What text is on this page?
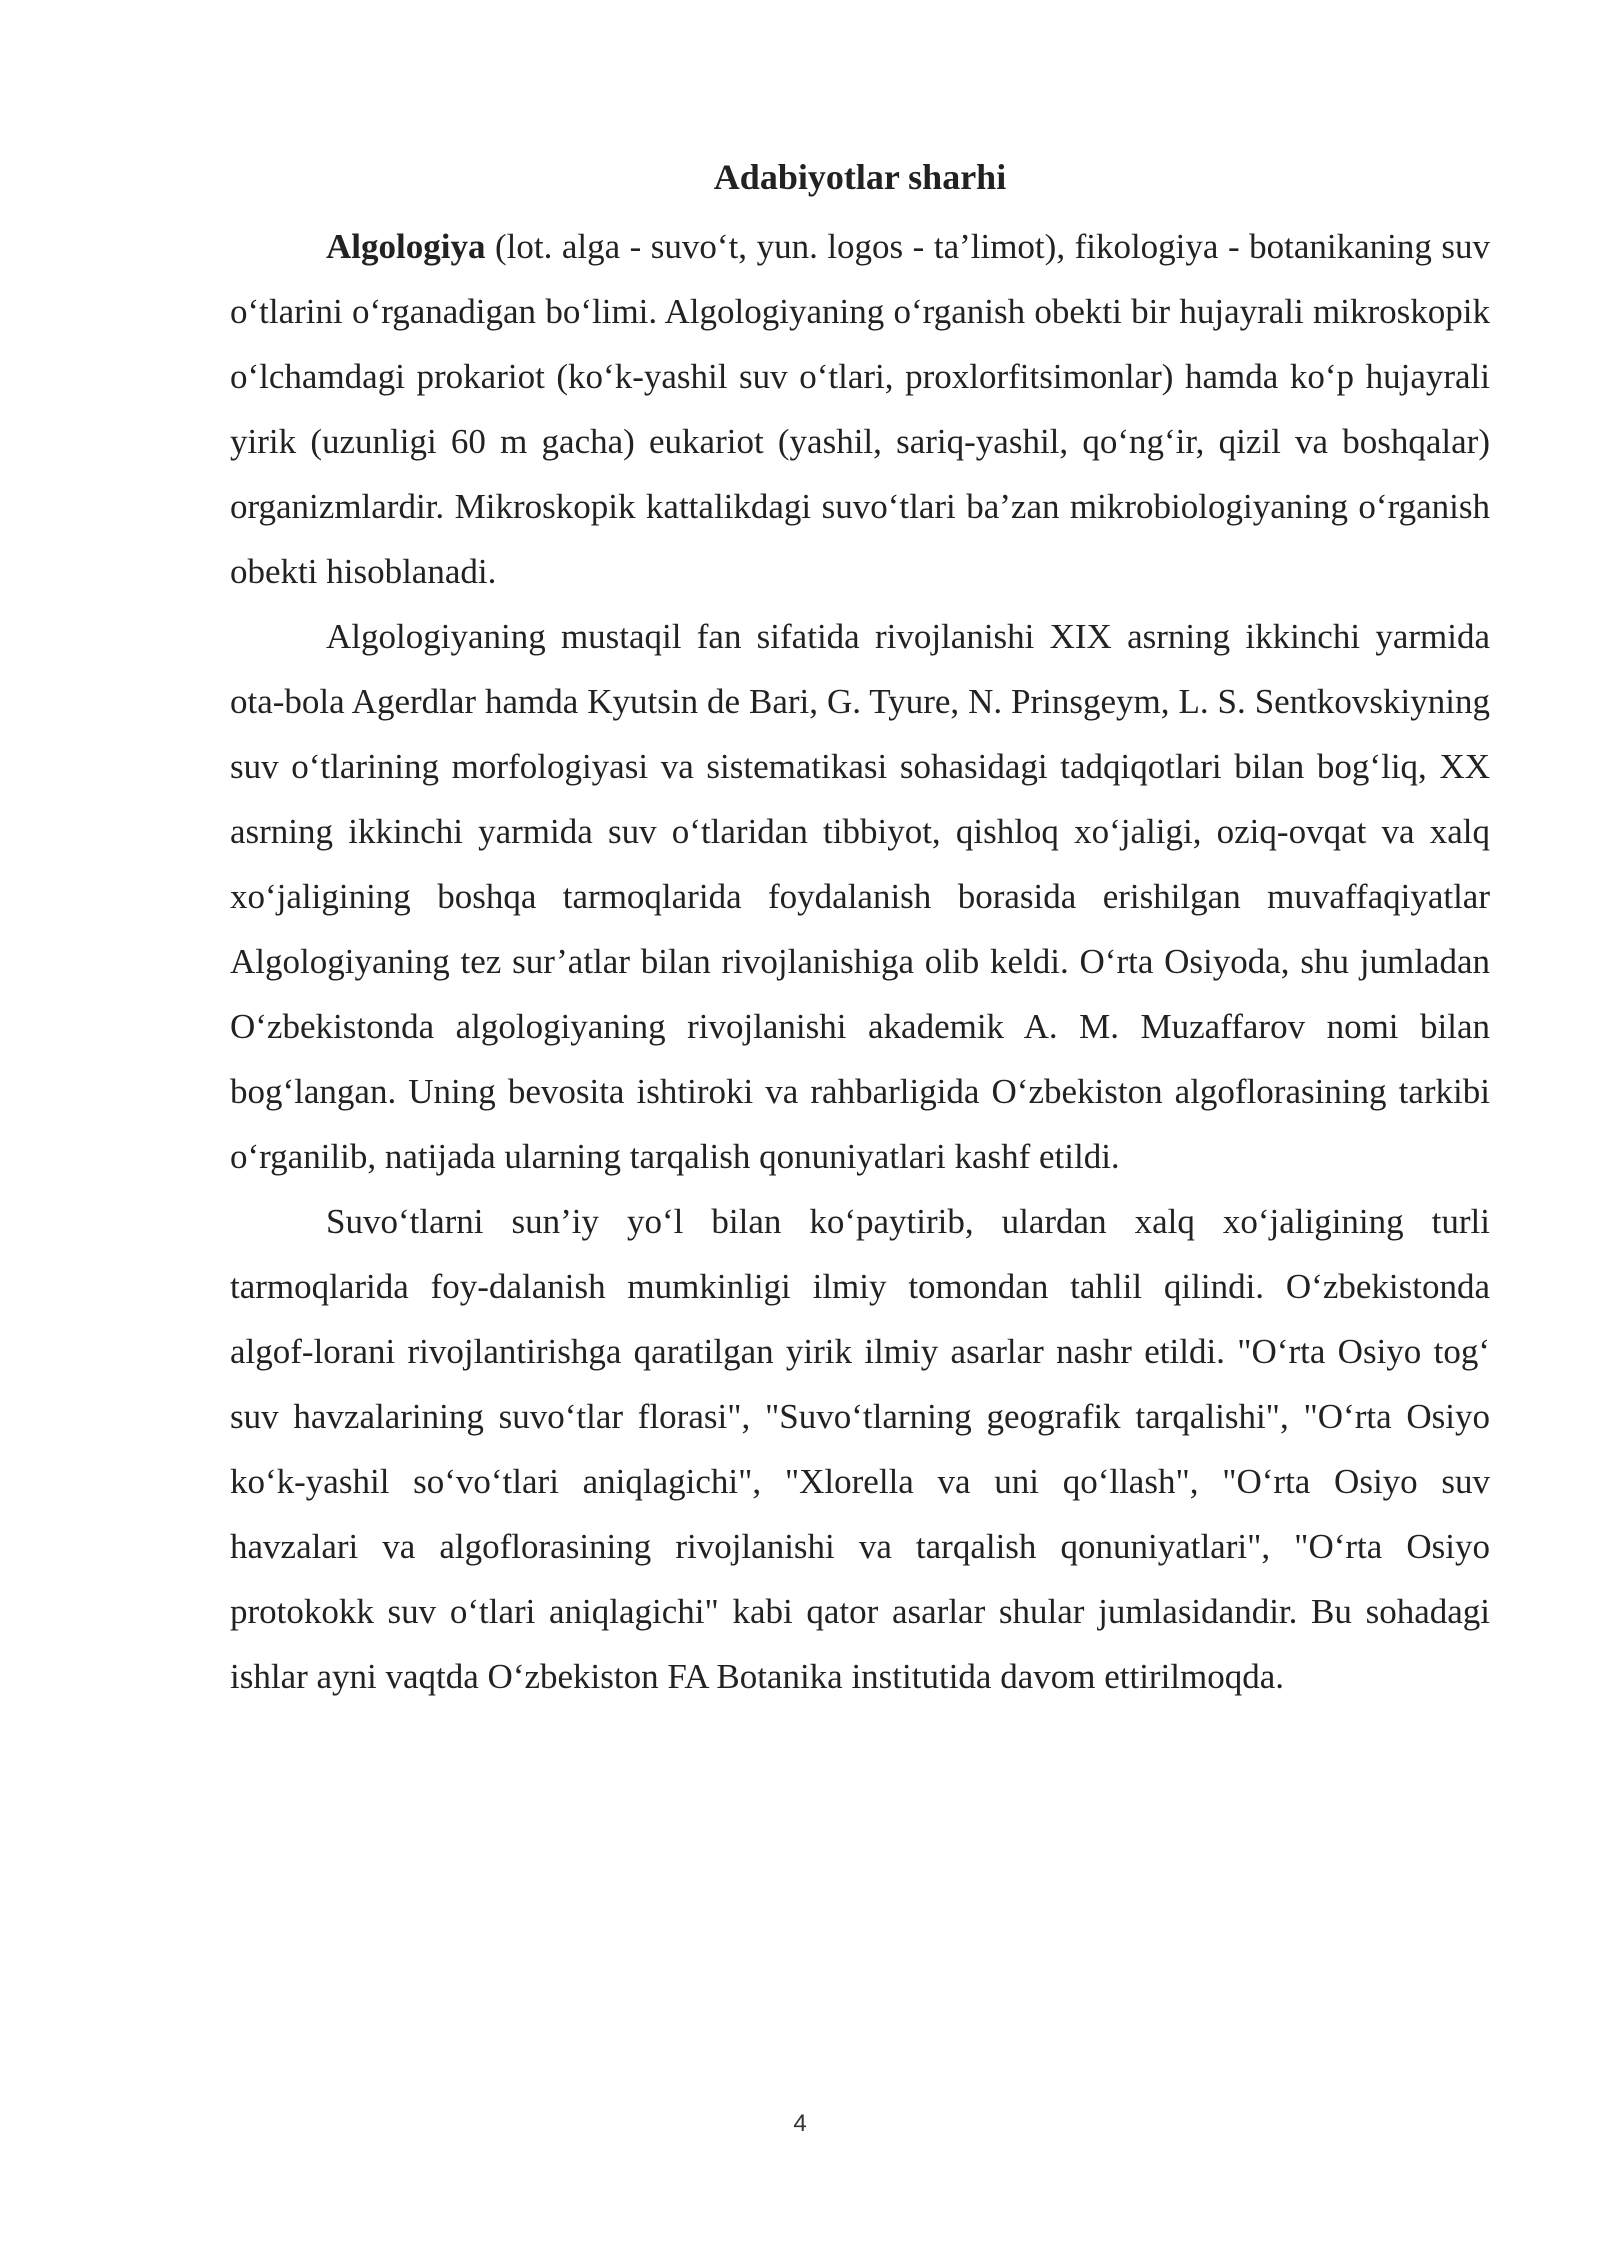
Adabiyotlar sharhi

Algologiya (lot. alga - suvo‘t, yun. logos - ta’limot), fikologiya - botanikaning suv o‘tlarini o‘rganadigan bo‘limi. Algologiyaning o‘rganish obekti bir hujayrali mikroskopik o‘lchamdagi prokariot (ko‘k-yashil suv o‘tlari, proxlorfitsimonlar) hamda ko‘p hujayrali yirik (uzunligi 60 m gacha) eukariot (yashil, sariq-yashil, qo‘ng‘ir, qizil va boshqalar) organizmlardir. Mikroskopik kattalikdagi suvo‘tlari ba’zan mikrobiologiyaning o‘rganish obekti hisoblanadi.

Algologiyaning mustaqil fan sifatida rivojlanishi XIX asrning ikkinchi yarmida ota-bola Agerdlar hamda Kyutsin de Bari, G. Tyure, N. Prinsgeym, L. S. Sentkovskiyning suv o‘tlarining morfologiyasi va sistematikasi sohasidagi tadqiqotlari bilan bog‘liq, XX asrning ikkinchi yarmida suv o‘tlaridan tibbiyot, qishloq xo‘jaligi, oziq-ovqat va xalq xo‘jaligining boshqa tarmoqlarida foydalanish borasida erishilgan muvaffaqiyatlar Algologiyaning tez sur’atlar bilan rivojlanishiga olib keldi. O‘rta Osiyoda, shu jumladan O‘zbekistonda algologiyaning rivojlanishi akademik A. M. Muzaffarov nomi bilan bog‘langan. Uning bevosita ishtiroki va rahbarligida O‘zbekiston algoflorasining tarkibi o‘rganilib, natijada ularning tarqalish qonuniyatlari kashf etildi.

Suvo‘tlarni sun’iy yo‘l bilan ko‘paytirib, ulardan xalq xo‘jaligining turli tarmoqlarida foy-dalanish mumkinligi ilmiy tomondan tahlil qilindi. O‘zbekistonda algof-lorani rivojlantirishga qaratilgan yirik ilmiy asarlar nashr etildi. "O‘rta Osiyo tog‘ suv havzalarining suvo‘tlar florasi", "Suvo‘tlarning geografik tarqalishi", "O‘rta Osiyo ko‘k-yashil so‘vo‘tlari aniqlagichi", "Xlorella va uni qo‘llash", "O‘rta Osiyo suv havzalari va algoflorasining rivojlanishi va tarqalish qonuniyatlari", "O‘rta Osiyo protokokk suv o‘tlari aniqlagichi" kabi qator asarlar shular jumlasidandir. Bu sohadagi ishlar ayni vaqtda O‘zbekiston FA Botanika institutida davom ettirilmoqda.

4
